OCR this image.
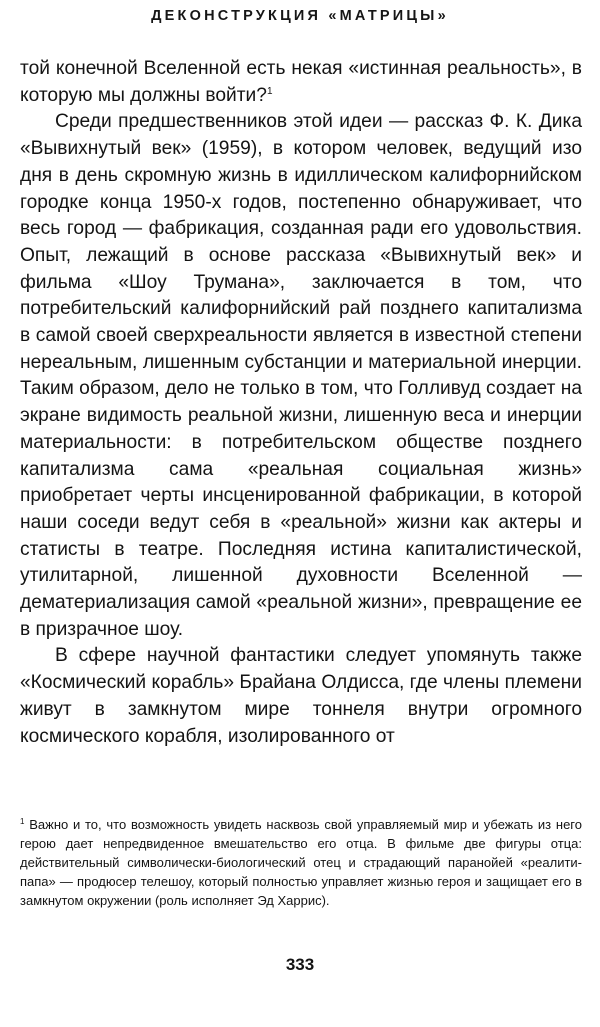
ДЕКОНСТРУКЦИЯ «МАТРИЦЫ»

той конечной Вселенной есть некая «истинная реальность», в которую мы должны войти?$^1$

Среди предшественников этой идеи — рассказ Ф. К. Дика «Вывихнутый век» (1959), в котором человек, ведущий изо дня в день скромную жизнь в идиллическом калифорнийском городке конца 1950-х годов, постепенно обнаруживает, что весь город — фабрикация, созданная ради его удовольствия. Опыт, лежащий в основе рассказа «Вывихнутый век» и фильма «Шоу Трумана», заключается в том, что потребительский калифорнийский рай позднего капитализма в самой своей сверхреальности является в известной степени нереальным, лишенным субстанции и материальной инерции. Таким образом, дело не только в том, что Голливуд создает на экране видимость реальной жизни, лишенную веса и инерции материальности: в потребительском обществе позднего капитализма сама «реальная социальная жизнь» приобретает черты инсценированной фабрикации, в которой наши соседи ведут себя в «реальной» жизни как актеры и статисты в театре. Последняя истина капиталистической, утилитарной, лишенной духовности Вселенной — дематериализация самой «реальной жизни», превращение ее в призрачное шоу.

В сфере научной фантастики следует упомянуть также «Космический корабль» Брайана Олдисса, где члены племени живут в замкнутом мире тоннеля внутри огромного космического корабля, изолированного от

$^1$ Важно и то, что возможность увидеть насквозь свой управляемый мир и убежать из него герою дает непредвиденное вмешательство его отца. В фильме две фигуры отца: действительный символически-биологический отец и страдающий паранойей «реалити-папа» — продюсер телешоу, который полностью управляет жизнью героя и защищает его в замкнутом окружении (роль исполняет Эд Харрис).

333
